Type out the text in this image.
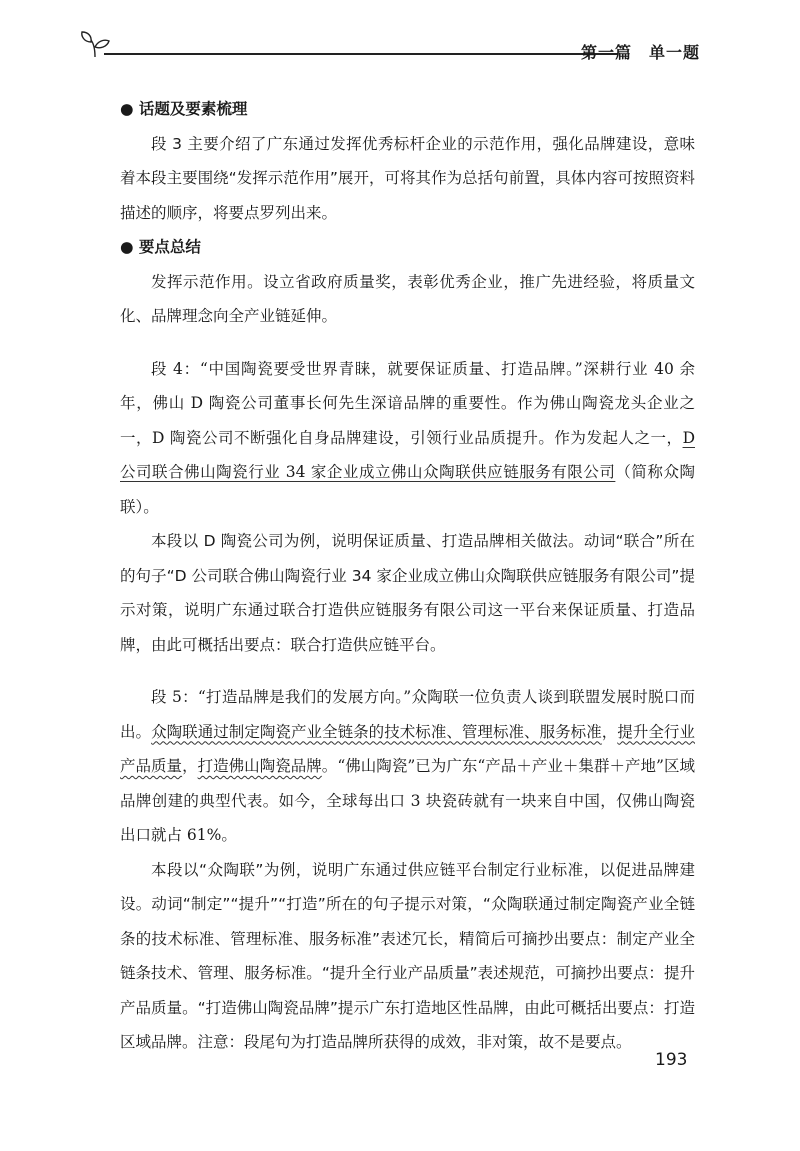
第一篇　单一题

● 话题及要素梳理

段 3 主要介绍了广东通过发挥优秀标杆企业的示范作用，强化品牌建设，意味着本段主要围绕“发挥示范作用”展开，可将其作为总括句前置，具体内容可按照资料描述的顺序，将要点罗列出来。

● 要点总结

发挥示范作用。设立省政府质量奖，表彰优秀企业，推广先进经验，将质量文化、品牌理念向全产业链延伸。

段 4：“中国陶瓷要受世界青睐，就要保证质量、打造品牌。”深耕行业 40 余年，佛山 D 陶瓷公司董事长何先生深谙品牌的重要性。作为佛山陶瓷龙头企业之一，D 陶瓷公司不断强化自身品牌建设，引领行业品质提升。作为发起人之一，D 公司联合佛山陶瓷行业 34 家企业成立佛山众陶联供应链服务有限公司（简称众陶联）。

本段以 D 陶瓷公司为例，说明保证质量、打造品牌相关做法。动词“联合”所在的句子“D 公司联合佛山陶瓷行业 34 家企业成立佛山众陶联供应链服务有限公司”提示对策，说明广东通过联合打造供应链服务有限公司这一平台来保证质量、打造品牌，由此可概括出要点：联合打造供应链平台。

段 5：“打造品牌是我们的发展方向。”众陶联一位负责人谈到联盟发展时脱口而出。众陶联通过制定陶瓷产业全链条的技术标准、管理标准、服务标准，提升全行业产品质量，打造佛山陶瓷品牌。“佛山陶瓷”已为广东“产品＋产业＋集群＋产地”区域品牌创建的典型代表。如今，全球每出口 3 块瓷砖就有一块来自中国，仅佛山陶瓷出口就占 61%。

本段以“众陶联”为例，说明广东通过供应链平台制定行业标准，以促进品牌建设。动词“制定”“提升”“打造”所在的句子提示对策，“众陶联通过制定陶瓷产业全链条的技术标准、管理标准、服务标准”表述冗长，精简后可摘抄出要点：制定产业全链条技术、管理、服务标准。“提升全行业产品质量”表述规范，可摘抄出要点：提升产品质量。“打造佛山陶瓷品牌”提示广东打造地区性品牌，由此可概括出要点：打造区域品牌。注意：段尾句为打造品牌所获得的成效，非对策，故不是要点。

193
